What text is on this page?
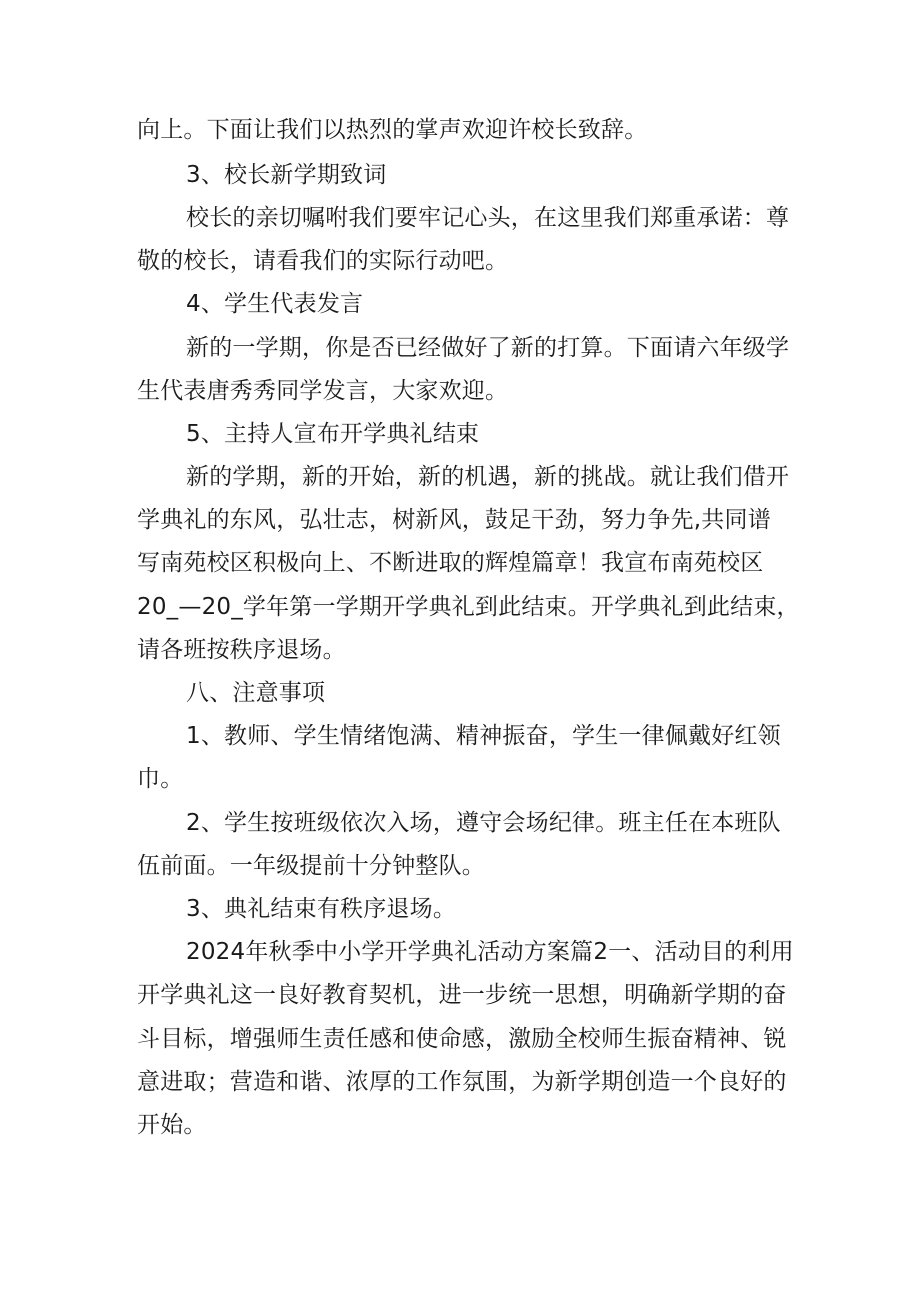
向上。下面让我们以热烈的掌声欢迎许校长致辞。
3、校长新学期致词
校长的亲切嘱咐我们要牢记心头，在这里我们郑重承诺：尊
敬的校长，请看我们的实际行动吧。
4、学生代表发言
新的一学期，你是否已经做好了新的打算。下面请六年级学
生代表唐秀秀同学发言，大家欢迎。
5、主持人宣布开学典礼结束
新的学期，新的开始，新的机遇，新的挑战。就让我们借开
学典礼的东风，弘壮志，树新风，鼓足干劲，努力争先,共同谱
写南苑校区积极向上、不断进取的辉煌篇章！我宣布南苑校区
20_—20_学年第一学期开学典礼到此结束。开学典礼到此结束，
请各班按秩序退场。
八、注意事项
1、教师、学生情绪饱满、精神振奋，学生一律佩戴好红领
巾。
2、学生按班级依次入场，遵守会场纪律。班主任在本班队
伍前面。一年级提前十分钟整队。
3、典礼结束有秩序退场。
2024年秋季中小学开学典礼活动方案篇2一、活动目的利用
开学典礼这一良好教育契机，进一步统一思想，明确新学期的奋
斗目标，增强师生责任感和使命感，激励全校师生振奋精神、锐
意进取；营造和谐、浓厚的工作氛围，为新学期创造一个良好的
开始。
